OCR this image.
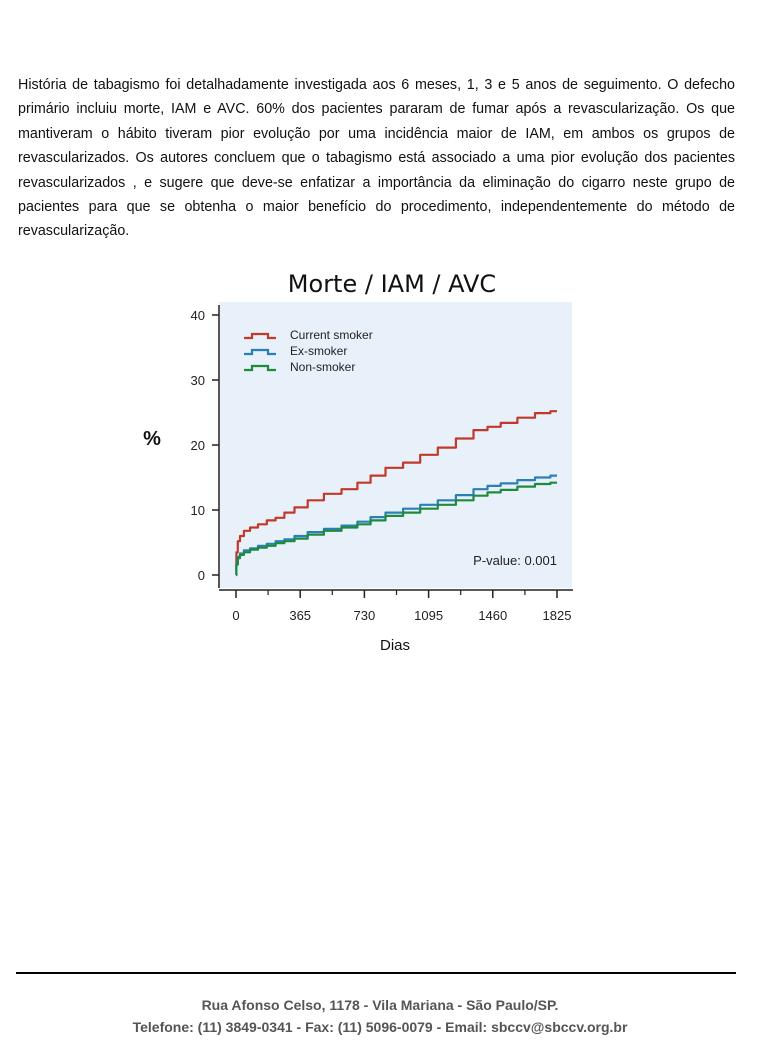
História de tabagismo foi detalhadamente investigada aos 6 meses, 1, 3 e 5 anos de seguimento. O defecho primário incluiu morte, IAM e AVC. 60% dos pacientes pararam de fumar após a revascularização. Os que mantiveram o hábito tiveram pior evolução por uma incidência maior de IAM, em ambos os grupos de revascularizados. Os autores concluem que o tabagismo está associado a uma pior evolução dos pacientes revascularizados , e sugere que deve-se enfatizar a importância da eliminação do cigarro neste grupo de pacientes para que se obtenha o maior benefício do procedimento, independentemente do método de revascularização.

Morte / IAM / AVC
0
10
20
30
40
0	365	730	1095	1460	1825
%
Dias
Current smoker
Ex-smoker
Non-smoker
P-value: 0.001

Rua Afonso Celso, 1178 - Vila Mariana - São Paulo/SP.

Telefone: (11) 3849-0341 - Fax: (11) 5096-0079 - Email: sbccv@sbccv.org.br
